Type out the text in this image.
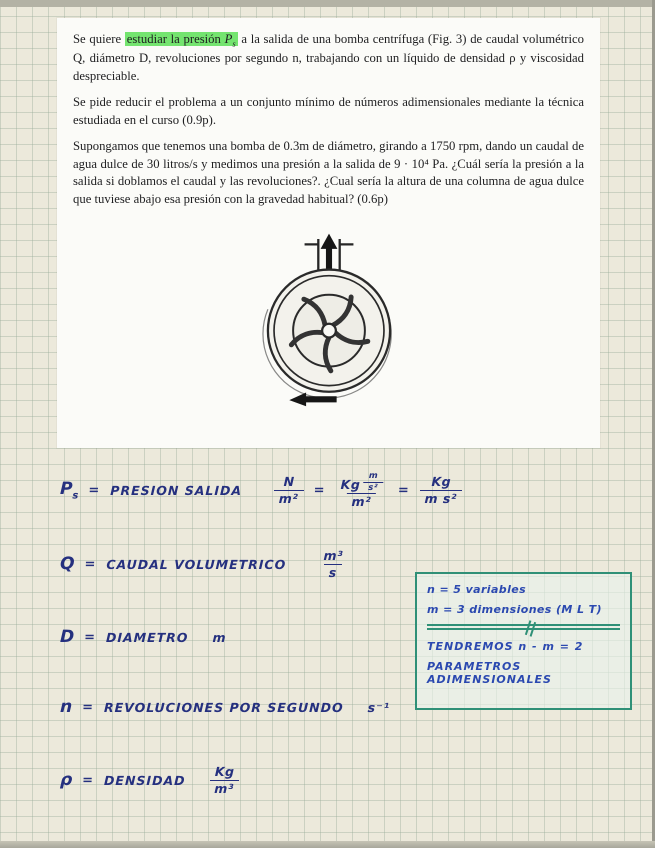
Se quiere estudiar la presión $P_s$ a la salida de una bomba centrífuga (Fig. 3) de caudal volumétrico Q, diámetro D, revoluciones por segundo n, trabajando con un líquido de densidad ρ y viscosidad despreciable.

Se pide reducir el problema a un conjunto mínimo de números adimensionales mediante la técnica estudiada en el curso (0.9p).

Supongamos que tenemos una bomba de 0.3m de diámetro, girando a 1750 rpm, dando un caudal de agua dulce de 30 litros/s y medimos una presión a la salida de 9 · 10⁴ Pa. ¿Cuál sería la presión a la salida si doblamos el caudal y las revoluciones?. ¿Cual sería la altura de una columna de agua dulce que tuviese abajo esa presión con la gravedad habitual? (0.6p)

$P_s$ = PRESION SALIDA $\frac{N}{\text{m²}} = \frac{Kg \frac{m}{\text{s²}}}{\text{m²}} = \frac{Kg}{\text{m s²}}$
Q = CAUDAL VOLUMETRICO $\frac{\text{m³}}{s}$
D = DIAMETRO m
n = REVOLUCIONES POR SEGUNDO s⁻¹
ρ = DENSIDAD $\frac{Kg}{\text{m³}}$
n = 5 variables
m = 3 dimensiones (M L T)
TENDREMOS n - m = 2
PARAMETROS ADIMENSIONALES
